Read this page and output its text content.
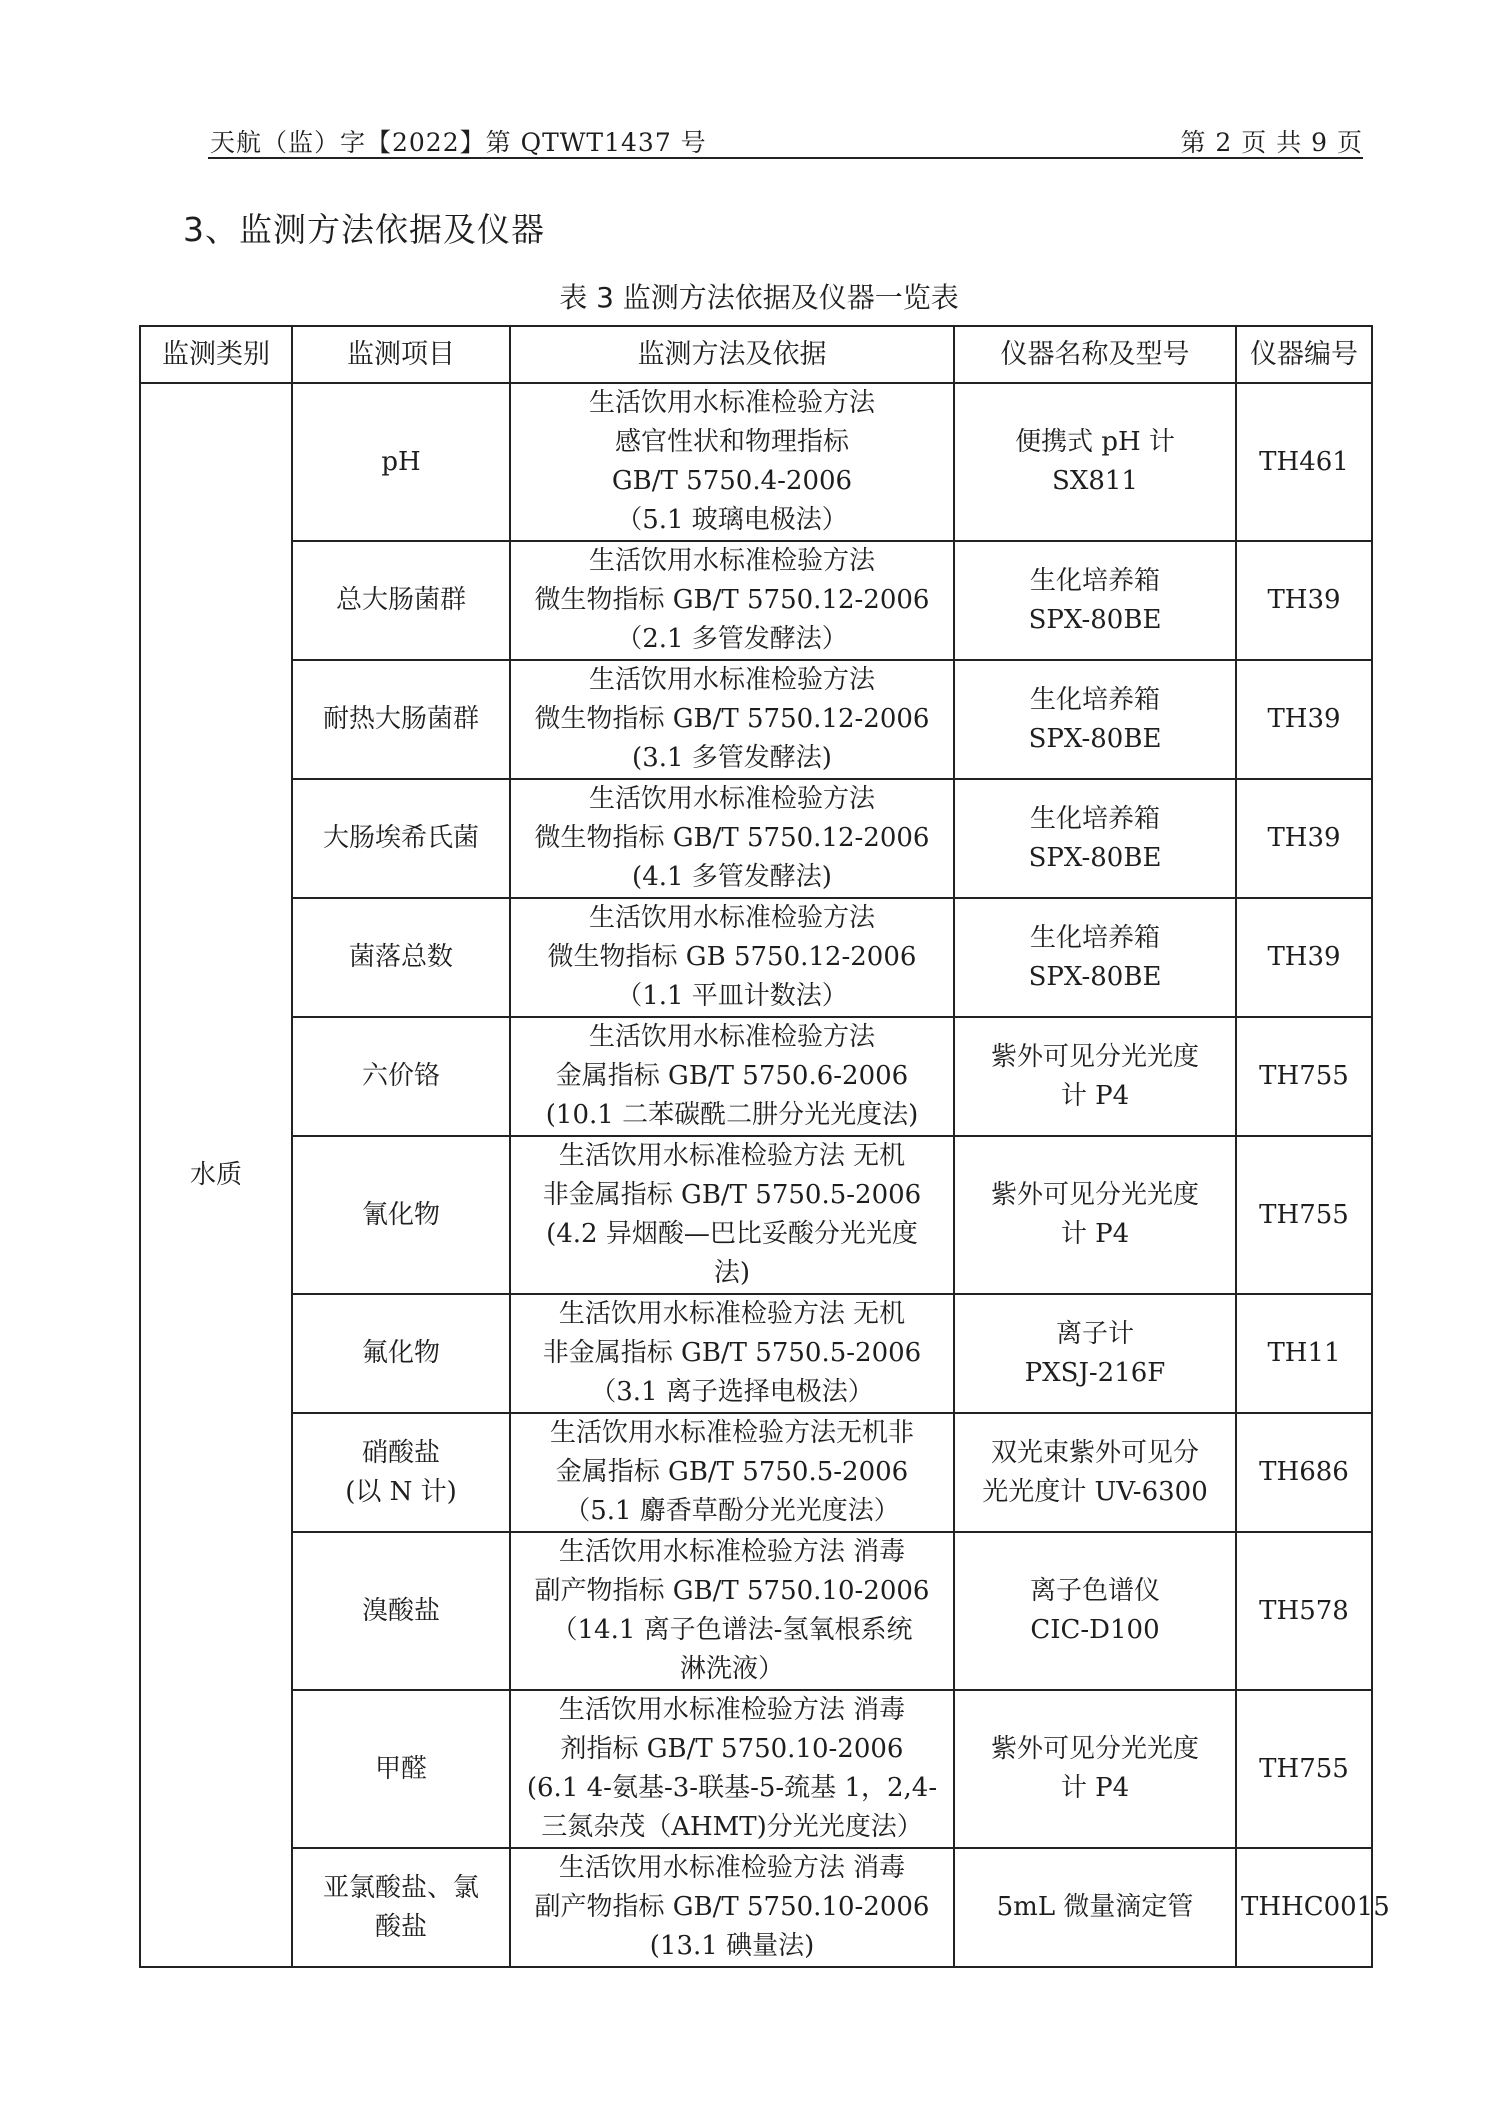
天航（监）字【2022】第 QTWT1437 号	第 2 页 共 9 页
3、监测方法依据及仪器
表 3 监测方法依据及仪器一览表
监测类别	监测项目	监测方法及依据	仪器名称及型号	仪器编号
水质	pH	生活饮用水标准检验方法
感官性状和物理指标
GB/T 5750.4-2006
（5.1 玻璃电极法）	便携式 pH 计
SX811	TH461

	总大肠菌群	生活饮用水标准检验方法
微生物指标 GB/T 5750.12-2006
（2.1 多管发酵法）	生化培养箱
SPX-80BE	TH39

	耐热大肠菌群	生活饮用水标准检验方法
微生物指标 GB/T 5750.12-2006
(3.1 多管发酵法)	生化培养箱
SPX-80BE	TH39

	大肠埃希氏菌	生活饮用水标准检验方法
微生物指标 GB/T 5750.12-2006
(4.1 多管发酵法)	生化培养箱
SPX-80BE	TH39

	菌落总数	生活饮用水标准检验方法
微生物指标 GB 5750.12-2006
（1.1 平皿计数法）	生化培养箱
SPX-80BE	TH39

	六价铬	生活饮用水标准检验方法
金属指标 GB/T 5750.6-2006
(10.1 二苯碳酰二肼分光光度法)	紫外可见分光光度
计 P4	TH755

	氰化物	生活饮用水标准检验方法 无机
非金属指标 GB/T 5750.5-2006
(4.2 异烟酸—巴比妥酸分光光度
法)	紫外可见分光光度
计 P4	TH755

	氟化物	生活饮用水标准检验方法 无机
非金属指标 GB/T 5750.5-2006
（3.1 离子选择电极法）	离子计
PXSJ-216F	TH11

	硝酸盐
(以 N 计)	生活饮用水标准检验方法无机非
金属指标 GB/T 5750.5-2006
（5.1 麝香草酚分光光度法）	双光束紫外可见分
光光度计 UV-6300	TH686

	溴酸盐	生活饮用水标准检验方法 消毒
副产物指标 GB/T 5750.10-2006
（14.1 离子色谱法-氢氧根系统
淋洗液）	离子色谱仪
CIC-D100	TH578

	甲醛	生活饮用水标准检验方法 消毒
剂指标 GB/T 5750.10-2006
(6.1 4-氨基-3-联基-5-巯基 1，2,4-
三氮杂茂（AHMT)分光光度法）	紫外可见分光光度
计 P4	TH755

	亚氯酸盐、氯
酸盐	生活饮用水标准检验方法 消毒
副产物指标 GB/T 5750.10-2006
(13.1 碘量法)	5mL 微量滴定管	THHC0015
